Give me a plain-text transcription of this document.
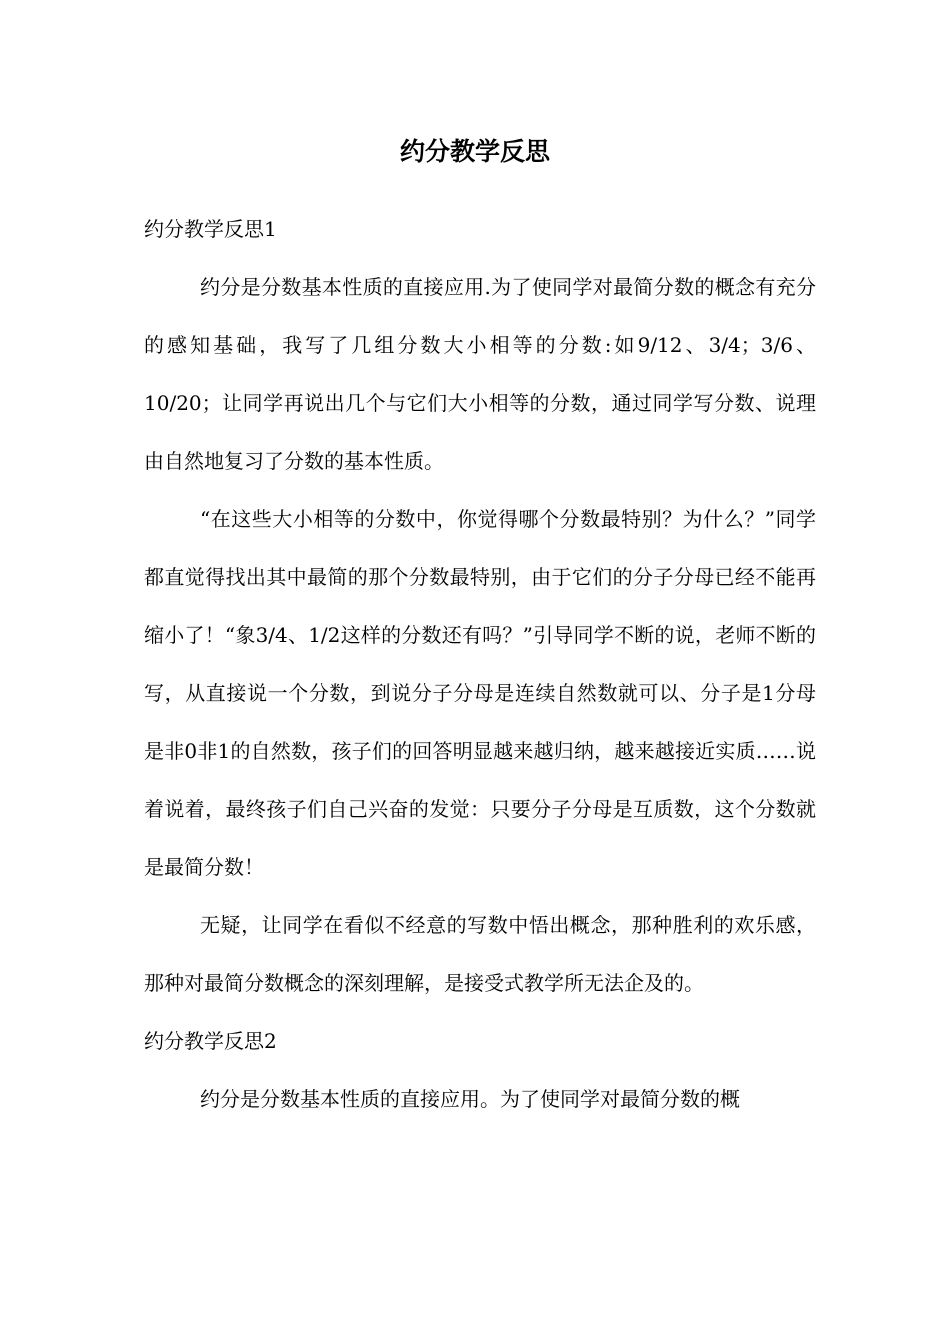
约分教学反思

约分教学反思1

约分是分数基本性质的直接应用.为了使同学对最简分数的概念有充分的感知基础，我写了几组分数大小相等的分数:如9/12、3/4；3/6、10/20；让同学再说出几个与它们大小相等的分数，通过同学写分数、说理由自然地复习了分数的基本性质。

“在这些大小相等的分数中，你觉得哪个分数最特别？为什么？”同学都直觉得找出其中最简的那个分数最特别，由于它们的分子分母已经不能再缩小了！“象3/4、1/2这样的分数还有吗？”引导同学不断的说，老师不断的写，从直接说一个分数，到说分子分母是连续自然数就可以、分子是1分母是非0非1的自然数，孩子们的回答明显越来越归纳，越来越接近实质……说着说着，最终孩子们自己兴奋的发觉：只要分子分母是互质数，这个分数就是最简分数！

无疑，让同学在看似不经意的写数中悟出概念，那种胜利的欢乐感，那种对最简分数概念的深刻理解，是接受式教学所无法企及的。

约分教学反思2

约分是分数基本性质的直接应用。为了使同学对最简分数的概
